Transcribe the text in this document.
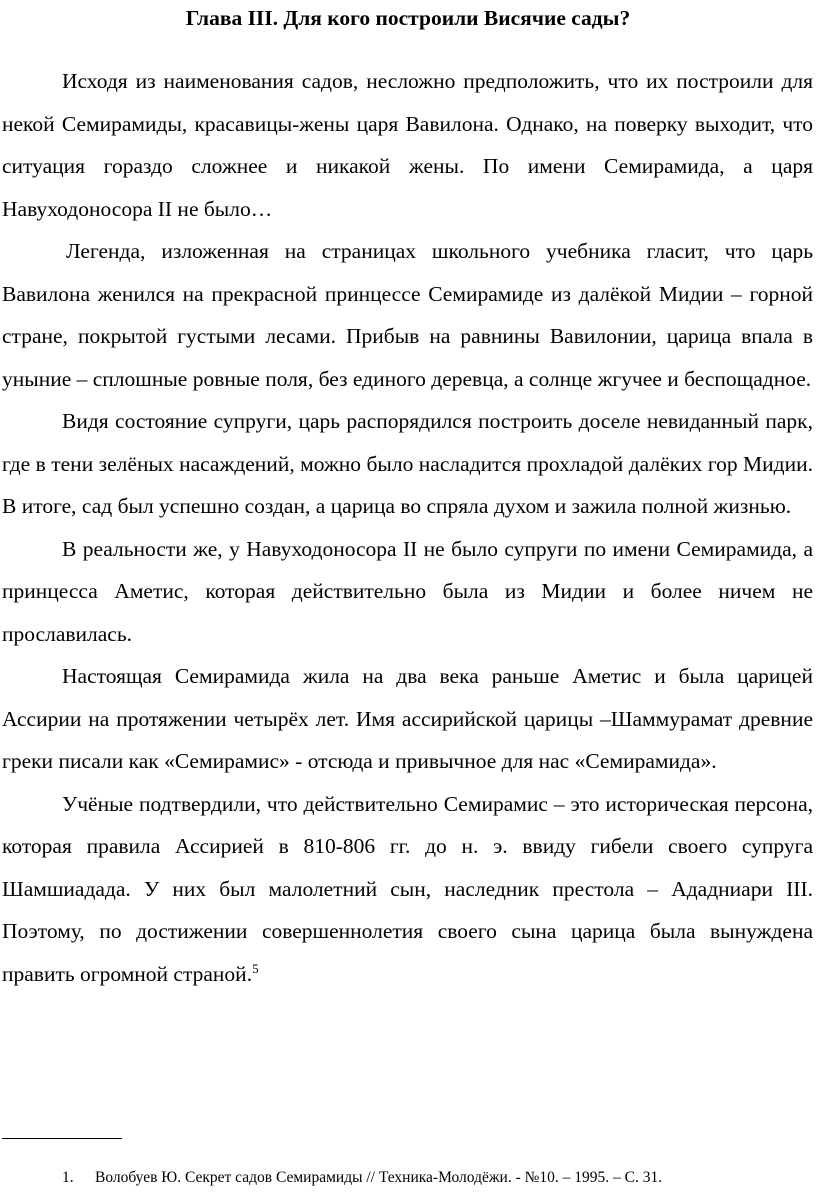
Глава III. Для кого построили Висячие сады?

Исходя из наименования садов, несложно предположить, что их построили для некой Семирамиды, красавицы-жены царя Вавилона. Однако, на поверку выходит, что ситуация гораздо сложнее и никакой жены. По имени Семирамида, а царя Навуходоносора II не было…

Легенда, изложенная на страницах школьного учебника гласит, что царь Вавилона женился на прекрасной принцессе Семирамиде из далёкой Мидии – горной стране, покрытой густыми лесами. Прибыв на равнины Вавилонии, царица впала в уныние – сплошные ровные поля, без единого деревца, а солнце жгучее и беспощадное.

Видя состояние супруги, царь распорядился построить доселе невиданный парк, где в тени зелёных насаждений, можно было насладится прохладой далёких гор Мидии. В итоге, сад был успешно создан, а царица во спряла духом и зажила полной жизнью.

В реальности же, у Навуходоносора II не было супруги по имени Семирамида, а принцесса Аметис, которая действительно была из Мидии и более ничем не прославилась.

Настоящая Семирамида жила на два века раньше Аметис и была царицей Ассирии на протяжении четырёх лет. Имя ассирийской царицы –Шаммурамат древние греки писали как «Семирамис» - отсюда и привычное для нас «Семирамида».

Учёные подтвердили, что действительно Семирамис – это историческая персона, которая правила Ассирией в 810-806 гг. до н. э. ввиду гибели своего супруга Шамшиадада. У них был малолетний сын, наследник престола – Ададниари III. Поэтому, по достижении совершеннолетия своего сына царица была вынуждена править огромной страной.$^5$

1. Волобуев Ю. Секрет садов Семирамиды // Техника-Молодёжи. - №10. – 1995. – С. 31.
